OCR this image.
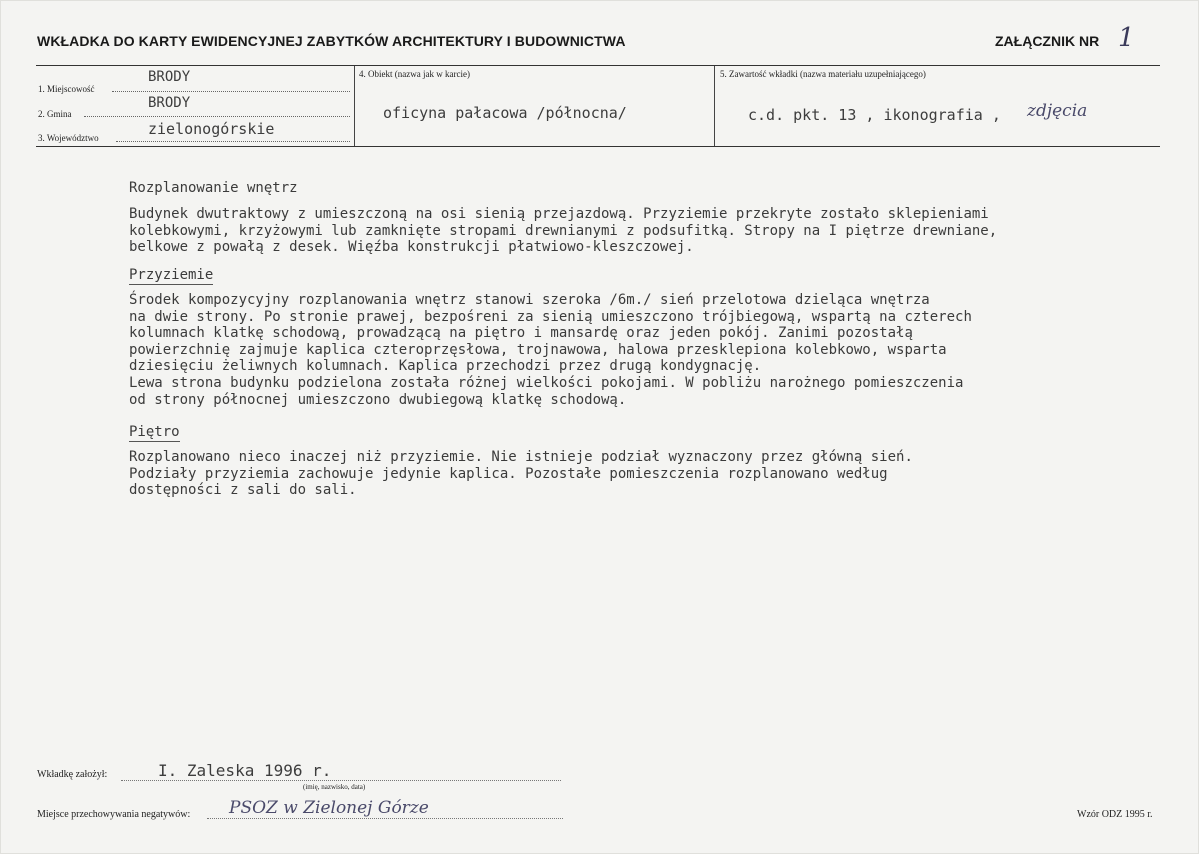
WKŁADKA DO KARTY EWIDENCYJNEJ ZABYTKÓW ARCHITEKTURY I BUDOWNICTWA	ZAŁĄCZNIK NR 1
1. Miejscowość
BRODY
2. Gmina
BRODY
3. Województwo	zielonogórskie
4. Obiekt (nazwa jak w karcie)
oficyna pałacowa /północna/
5. Zawartość wkładki (nazwa materiału uzupełniającego)
c.d. pkt. 13 , ikonografia , zdjęcia
Rozplanowanie wnętrz
Budynek dwutraktowy z umieszczoną na osi sienią przejazdową. Przyziemie przekryte zostało sklepieniami
kolebkowymi, krzyżowymi lub zamknięte stropami drewnianymi z podsufitką. Stropy na I piętrze drewniane,
belkowe z powałą z desek. Więźba konstrukcji płatwiowo-kleszczowej.
Przyziemie
Środek kompozycyjny rozplanowania wnętrz stanowi szeroka /6m./ sień przelotowa dzieląca wnętrza
na dwie strony. Po stronie prawej, bezpośreni za sienią umieszczono trójbiegową, wspartą na czterech
kolumnach klatkę schodową, prowadzącą na piętro i mansardę oraz jeden pokój. Zanimi pozostałą
powierzchnię zajmuje kaplica czteroprzęsłowa, trojnawowa, halowa przesklepiona kolebkowo, wsparta
dziesięciu żeliwnych kolumnach. Kaplica przechodzi przez drugą kondygnację.
Lewa strona budynku podzielona została różnej wielkości pokojami. W pobliżu narożnego pomieszczenia
od strony północnej umieszczono dwubiegową klatkę schodową.
Piętro
Rozplanowano nieco inaczej niż przyziemie. Nie istnieje podział wyznaczony przez główną sień.
Podziały przyziemia zachowuje jedynie kaplica. Pozostałe pomieszczenia rozplanowano według
dostępności z sali do sali.
Wkładkę założył:	I. Zaleska 1996 r.
(imię, nazwisko, data)
Miejsce przechowywania negatywów: PSOZ w Zielonej Górze	Wzór ODZ 1995 r.
